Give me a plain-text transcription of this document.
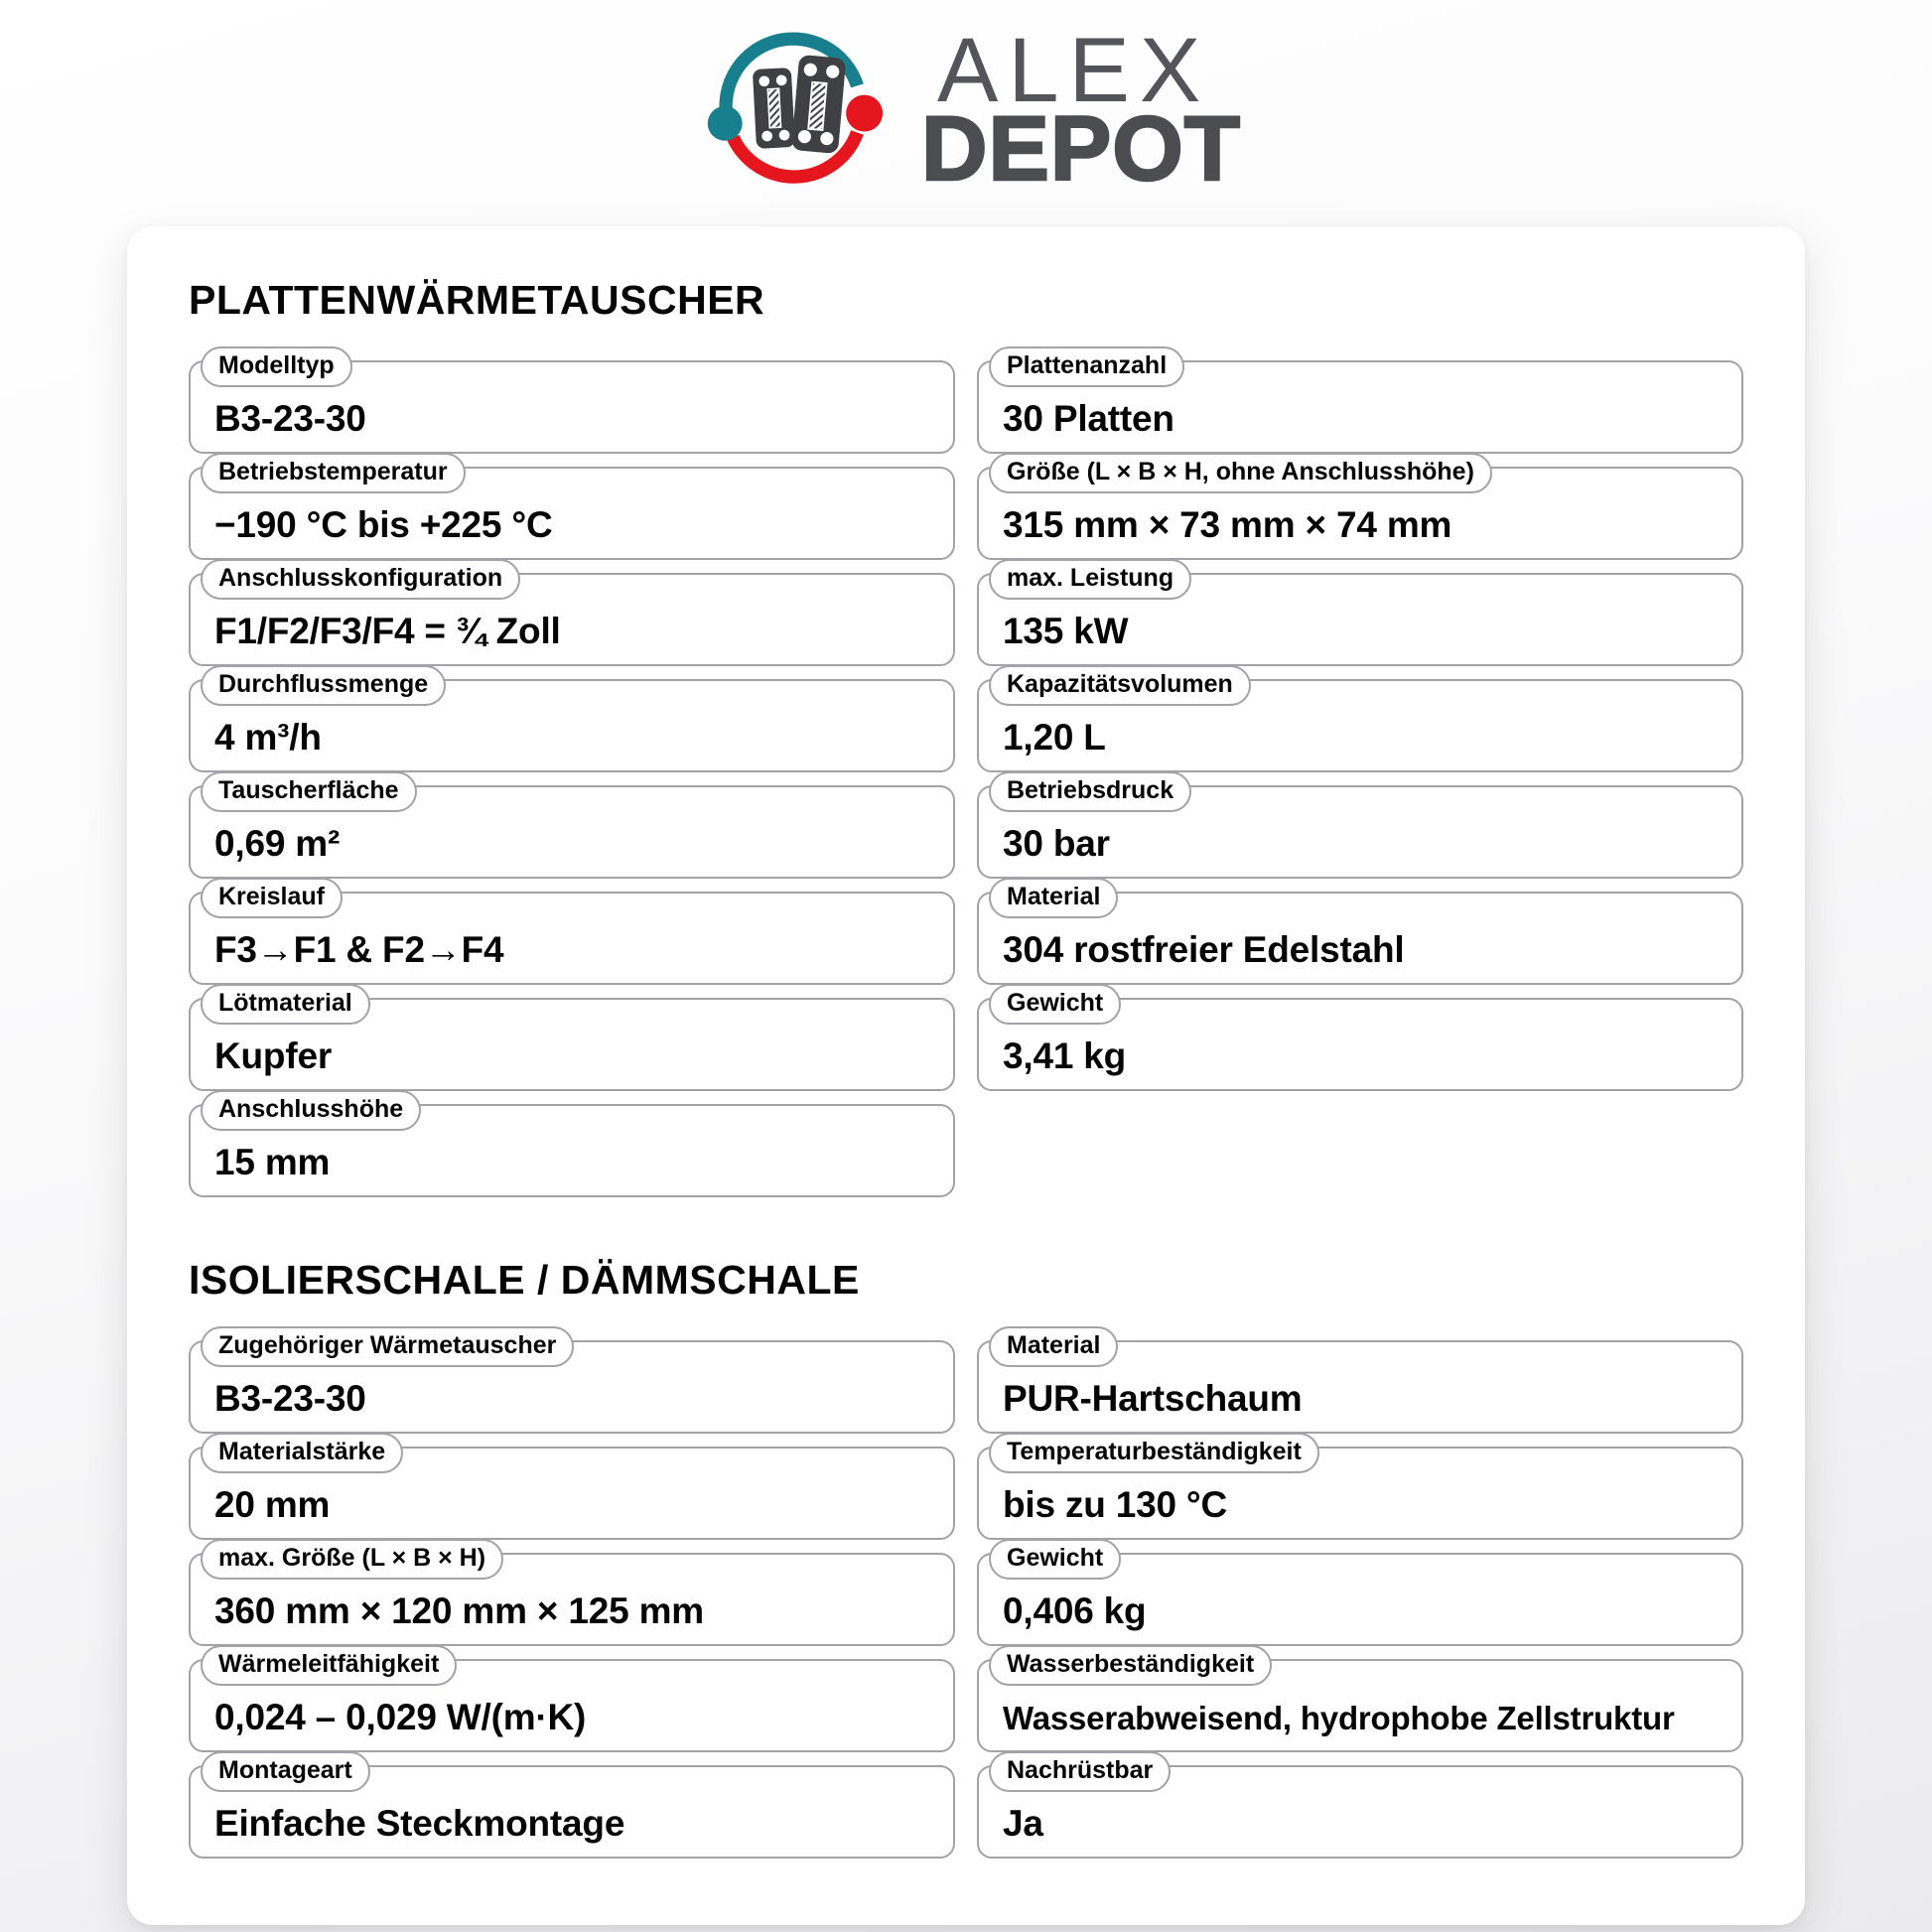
ALEX
DEPOT
PLATTENWÄRMETAUSCHER
Modelltyp
B3-23-30
Betriebstemperatur
−190 °C bis +225 °C
Anschlusskonfiguration
F1/F2/F3/F4 = ¾ Zoll
Durchflussmenge
4 m³/h
Tauscherfläche
0,69 m²
Kreislauf
F3→F1 & F2→F4
Lötmaterial
Kupfer
Anschlusshöhe
15 mm
Plattenanzahl
30 Platten
Größe (L × B × H, ohne Anschlusshöhe)
315 mm × 73 mm × 74 mm
max. Leistung
135 kW
Kapazitätsvolumen
1,20 L
Betriebsdruck
30 bar
Material
304 rostfreier Edelstahl
Gewicht
3,41 kg
ISOLIERSCHALE / DÄMMSCHALE
Zugehöriger Wärmetauscher
B3-23-30
Materialstärke
20 mm
max. Größe (L × B × H)
360 mm × 120 mm × 125 mm
Wärmeleitfähigkeit
0,024 – 0,029 W/(m·K)
Montageart
Einfache Steckmontage
Material
PUR-Hartschaum
Temperaturbeständigkeit
bis zu 130 °C
Gewicht
0,406 kg
Wasserbeständigkeit
Wasserabweisend, hydrophobe Zellstruktur
Nachrüstbar
Ja
